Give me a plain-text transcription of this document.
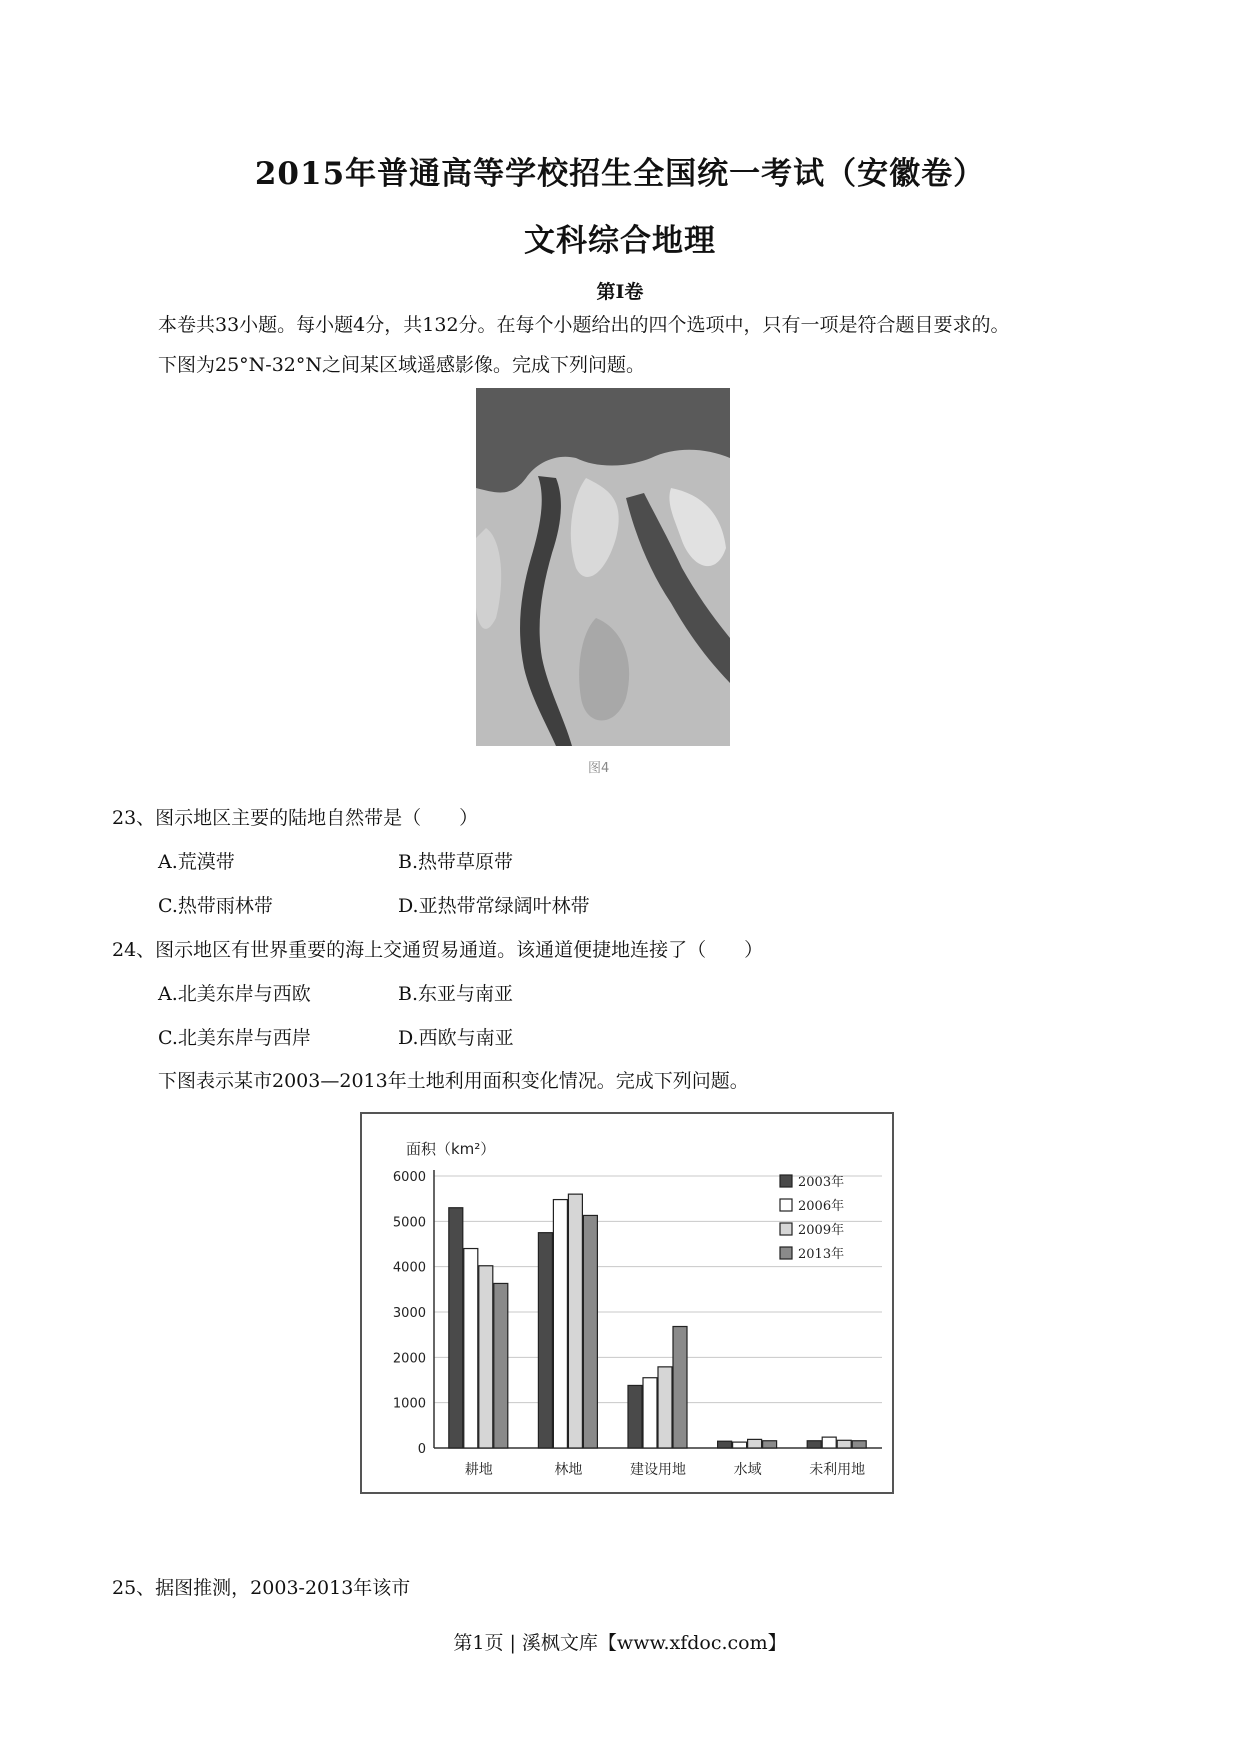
2015年普通高等学校招生全国统一考试（安徽卷）
文科综合地理
第Ⅰ卷
本卷共33小题。每小题4分，共132分。在每个小题给出的四个选项中，只有一项是符合题目要求的。
下图为25°N-32°N之间某区域遥感影像。完成下列问题。
图4
23、图示地区主要的陆地自然带是（　　）
A.荒漠带	B.热带草原带
C.热带雨林带	D.亚热带常绿阔叶林带
24、图示地区有世界重要的海上交通贸易通道。该通道便捷地连接了（　　）
A.北美东岸与西欧	B.东亚与南亚
C.北美东岸与西岸	D.西欧与南亚
下图表示某市2003—2013年土地利用面积变化情况。完成下列问题。
面积（km²）
0
1000
2000
3000
4000
5000
6000
耕地	林地	建设用地	水域	未利用地
2003年
2006年
2009年
2013年
25、据图推测，2003-2013年该市
第1页 | 溪枫文库【www.xfdoc.com】
